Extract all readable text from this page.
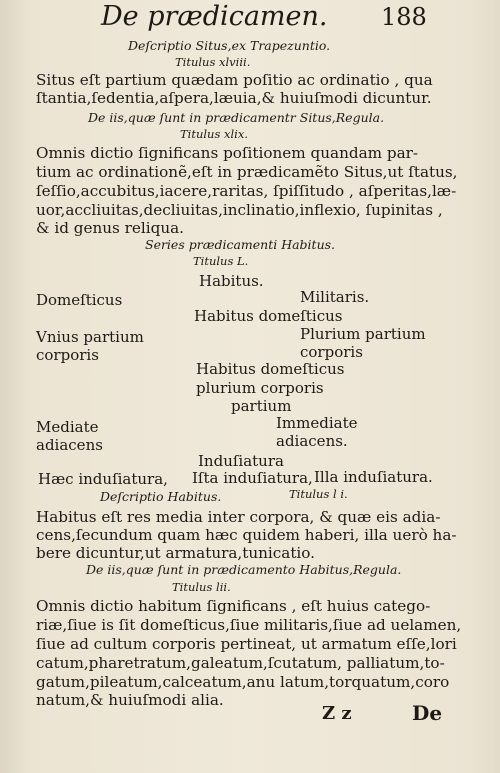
De prædicamen. 188
Deſcriptio Situs,ex Trapezuntio.
Titulus xlviii.
Situs eſt partium quædam poſitio ac ordinatio , qua
ſtantia,ſedentia,aſpera,læuia,& huiuſmodi dicuntur.
De iis,quæ ſunt in prædicamentr Situs,Regula.
Titulus xlix.
Omnis dictio ſignificans poſitionem quandam par-
tium ac ordinationẽ,eſt in prædicamẽto Situs,ut ſtatus,
ſeſſio,accubitus,iacere,raritas, ſpiſſitudo , aſperitas,læ-
uor,accliuitas,decliuitas,inclinatio,inflexio, ſupinitas ,
& id genus reliqua.
Series prædicamenti Habitus.
Titulus L.
Habitus.
Domeſticus	Militaris.
Habitus domeſticus
Vnius partium
corporis
Plurium partium
corporis
Habitus domeſticus
plurium corporis
partium
Mediate
adiacens
Immediate
adiacens.
Induſiatura
Hæc induſiatura, Iſta induſiatura, Illa induſiatura.
Deſcriptio Habitus.	Titulus l i.
Habitus eſt res media inter corpora, & quæ eis adia-
cens,ſecundum quam hæc quidem haberi, illa uerò ha-
bere dicuntur,ut armatura,tunicatio.
De iis,quæ ſunt in prædicamento Habitus,Regula.
Titulus lii.
Omnis dictio habitum ſignificans , eſt huius catego-
riæ,ſiue is ſit domeſticus,ſiue militaris,ſiue ad uelamen,
ſiue ad cultum corporis pertineat, ut armatum eſſe,lori
catum,pharetratum,galeatum,ſcutatum, palliatum,to-
gatum,pileatum,calceatum,anu latum,torquatum,coro
natum,& huiuſmodi alia.
Z z	De
